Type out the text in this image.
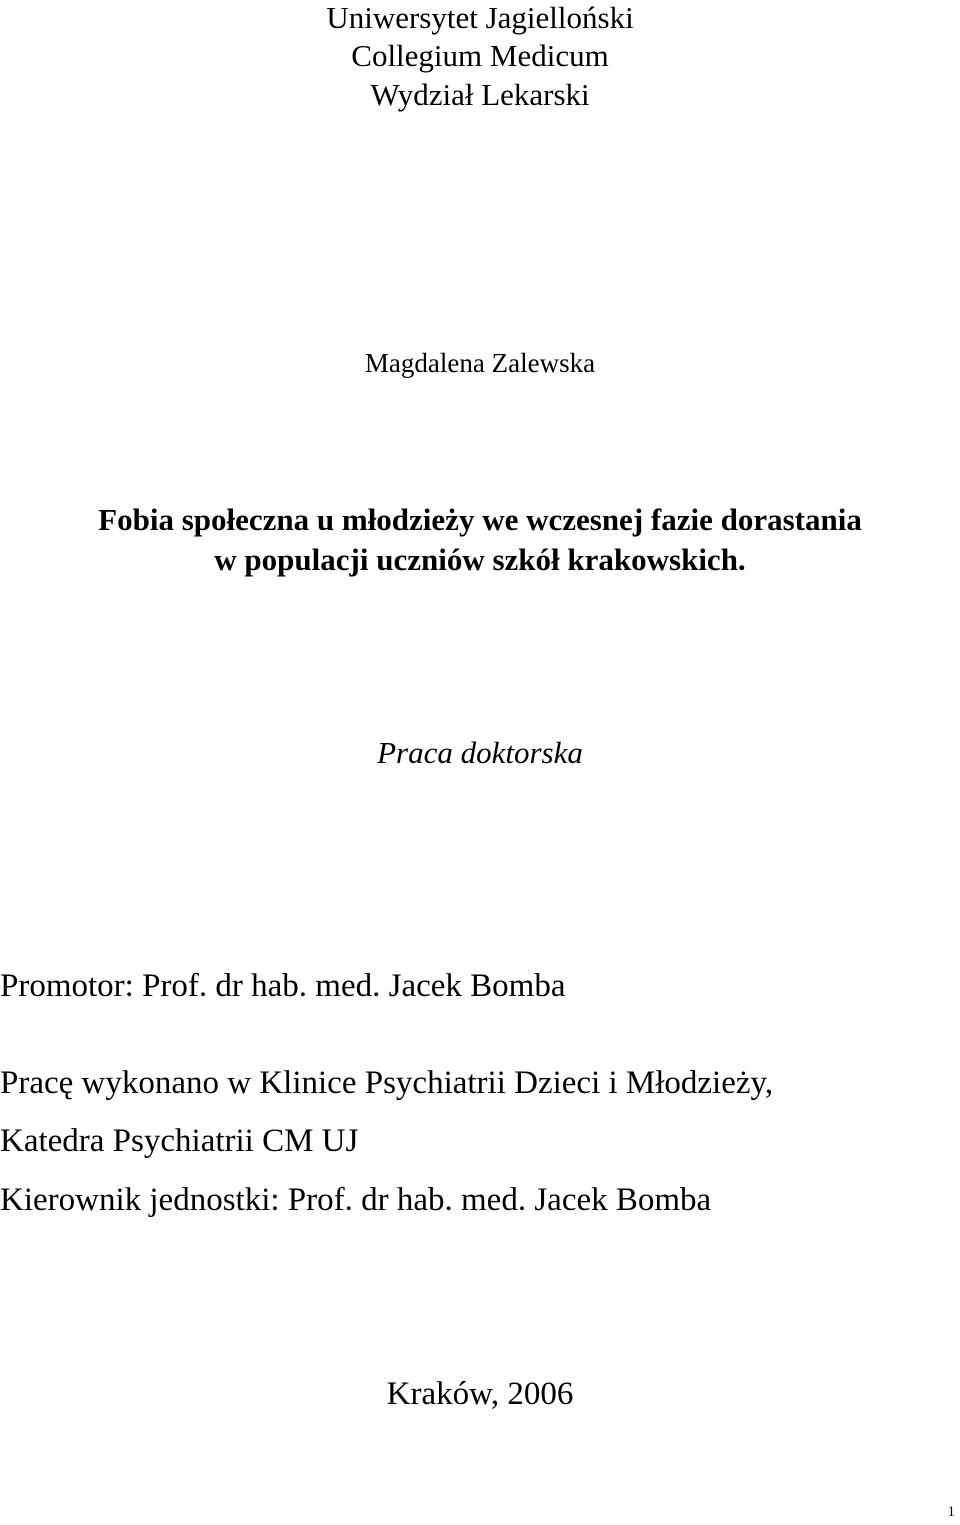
Uniwersytet Jagielloński
Collegium Medicum
Wydział Lekarski
Magdalena Zalewska
Fobia społeczna u młodzieży we wczesnej fazie dorastania
w populacji uczniów szkół krakowskich.
Praca doktorska
Promotor: Prof. dr hab. med. Jacek Bomba
Pracę wykonano w Klinice Psychiatrii Dzieci i Młodzieży,
Katedra Psychiatrii CM UJ
Kierownik jednostki: Prof. dr hab. med. Jacek Bomba
Kraków, 2006
1
